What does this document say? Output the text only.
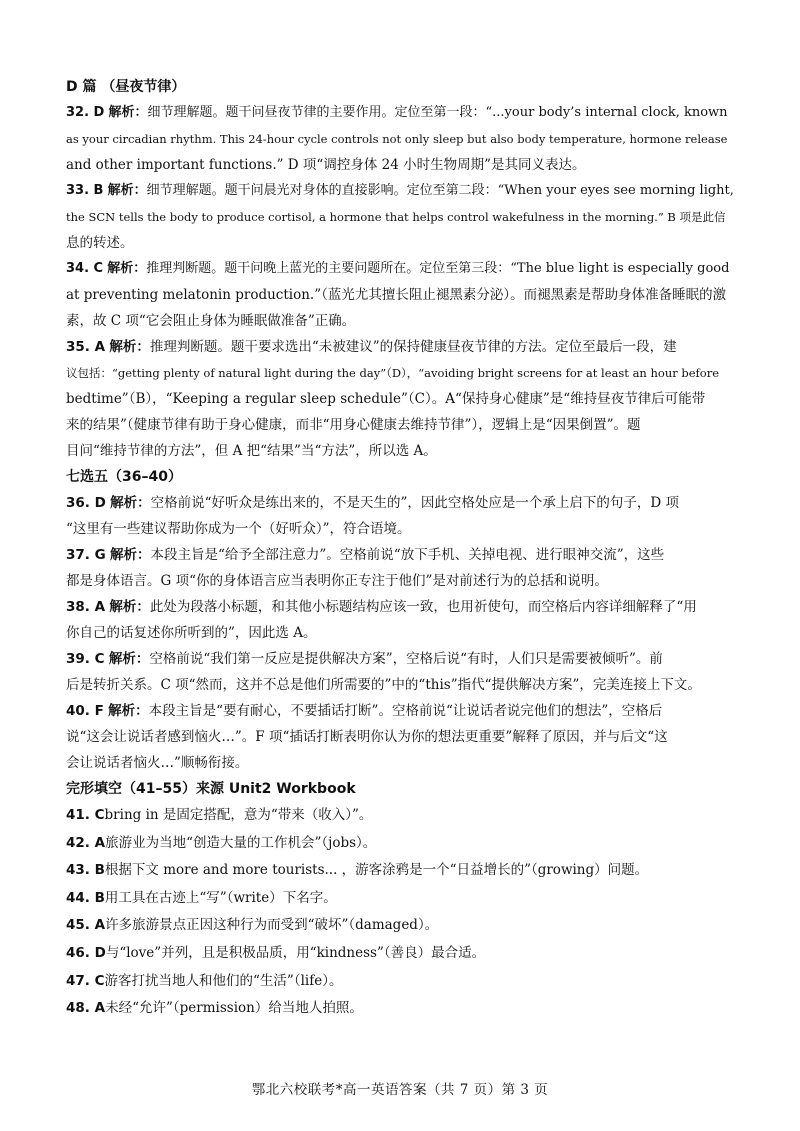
D 篇 （昼夜节律）

32. D 解析：细节理解题。题干问昼夜节律的主要作用。定位至第一段：“...your body’s internal clock, known

as your circadian rhythm. This 24-hour cycle controls not only sleep but also body temperature, hormone release

and other important functions.” D 项“调控身体 24 小时生物周期”是其同义表达。

33. B 解析：细节理解题。题干问晨光对身体的直接影响。定位至第二段：“When your eyes see morning light,

the SCN tells the body to produce cortisol, a hormone that helps control wakefulness in the morning.” B 项是此信

息的转述。

34. C 解析：推理判断题。题干问晚上蓝光的主要问题所在。定位至第三段：“The blue light is especially good

at preventing melatonin production.”（蓝光尤其擅长阻止褪黑素分泌）。而褪黑素是帮助身体准备睡眠的激

素，故 C 项“它会阻止身体为睡眠做准备”正确。

35. A 解析：推理判断题。题干要求选出“未被建议”的保持健康昼夜节律的方法。定位至最后一段，建

议包括：“getting plenty of natural light during the day”（D），“avoiding bright screens for at least an hour before

bedtime”（B），“Keeping a regular sleep schedule”（C）。A“保持身心健康”是“维持昼夜节律后可能带

来的结果”（健康节律有助于身心健康，而非“用身心健康去维持节律”），逻辑上是“因果倒置”。题

目问“维持节律的方法”，但 A 把“结果”当“方法”，所以选 A。

七选五（36–40）

36. D 解析：空格前说“好听众是练出来的，不是天生的”，因此空格处应是一个承上启下的句子，D 项

“这里有一些建议帮助你成为一个（好听众）”，符合语境。

37. G 解析：本段主旨是“给予全部注意力”。空格前说“放下手机、关掉电视、进行眼神交流”，这些

都是身体语言。G 项“你的身体语言应当表明你正专注于他们”是对前述行为的总括和说明。

38. A 解析：此处为段落小标题，和其他小标题结构应该一致，也用祈使句，而空格后内容详细解释了“用

你自己的话复述你所听到的”，因此选 A。

39. C 解析：空格前说“我们第一反应是提供解决方案”，空格后说“有时，人们只是需要被倾听”。前

后是转折关系。C 项“然而，这并不总是他们所需要的”中的“this”指代“提供解决方案”，完美连接上下文。

40. F 解析：本段主旨是“要有耐心，不要插话打断”。空格前说“让说话者说完他们的想法”，空格后

说“这会让说话者感到恼火…”。F 项“插话打断表明你认为你的想法更重要”解释了原因，并与后文“这

会让说话者恼火…”顺畅衔接。

完形填空（41–55）来源 Unit2 Workbook

41. Cbring in 是固定搭配，意为“带来（收入）”。

42. A旅游业为当地“创造大量的工作机会”（jobs）。

43. B根据下文 more and more tourists... ，游客涂鸦是一个“日益增长的”（growing）问题。

44. B用工具在古迹上“写”（write）下名字。

45. A许多旅游景点正因这种行为而受到“破坏”（damaged）。

46. D与“love”并列，且是积极品质，用“kindness”（善良）最合适。

47. C游客打扰当地人和他们的“生活”（life）。

48. A未经“允许”（permission）给当地人拍照。

鄂北六校联考*高一英语答案（共 7 页）第 3 页
